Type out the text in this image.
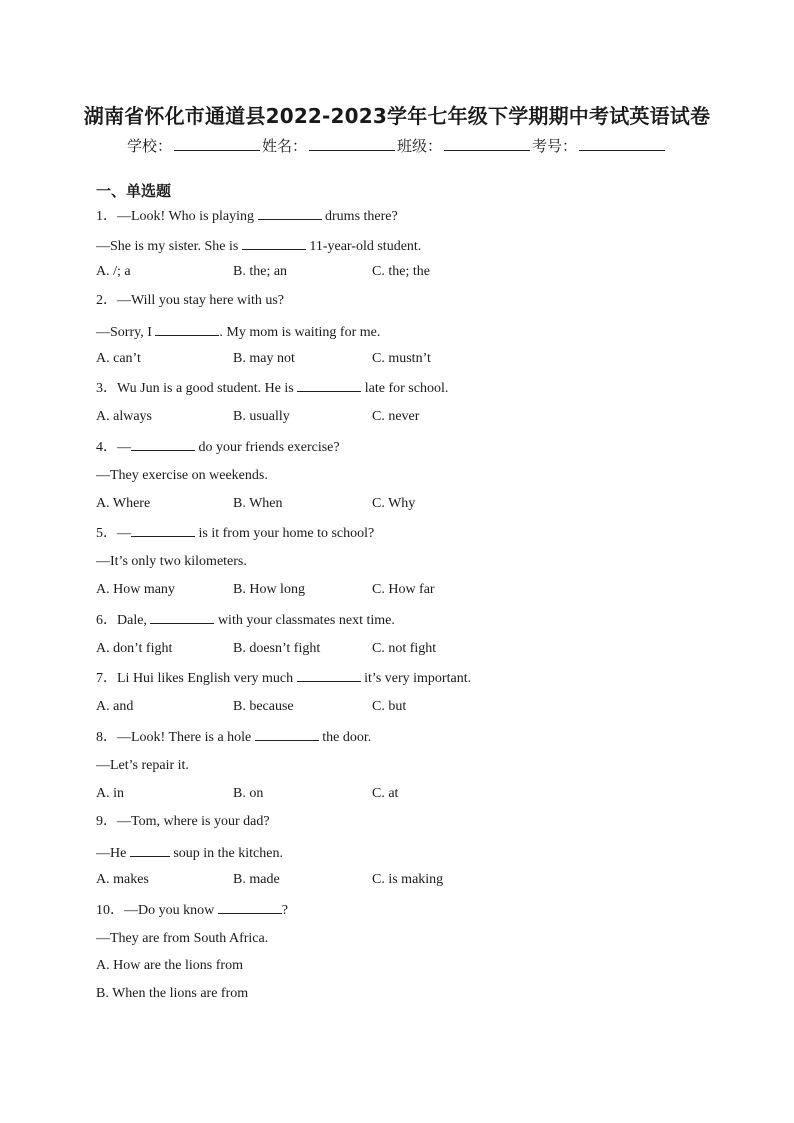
湖南省怀化市通道县2022-2023学年七年级下学期期中考试英语试卷
学校：	姓名：	班级：	考号：
一、单选题
1．—Look! Who is playing	drums there?
—She is my sister. She is	11-year-old student.
A. /; a	B. the; an	C. the; the
2．—Will you stay here with us?
—Sorry, I	. My mom is waiting for me.
A. can’t	B. may not	C. mustn’t
3．Wu Jun is a good student. He is	late for school.
A. always	B. usually	C. never
4．—	do your friends exercise?
—They exercise on weekends.
A. Where	B. When	C. Why
5．—	is it from your home to school?
—It’s only two kilometers.
A. How many	B. How long	C. How far
6．Dale,	with your classmates next time.
A. don’t fight	B. doesn’t fight	C. not fight
7．Li Hui likes English very much	it’s very important.
A. and	B. because	C. but
8．—Look! There is a hole	the door.
—Let’s repair it.
A. in	B. on	C. at
9．—Tom, where is your dad?
—He	soup in the kitchen.
A. makes	B. made	C. is making
10．—Do you know	?
—They are from South Africa.
A. How are the lions from
B. When the lions are from
